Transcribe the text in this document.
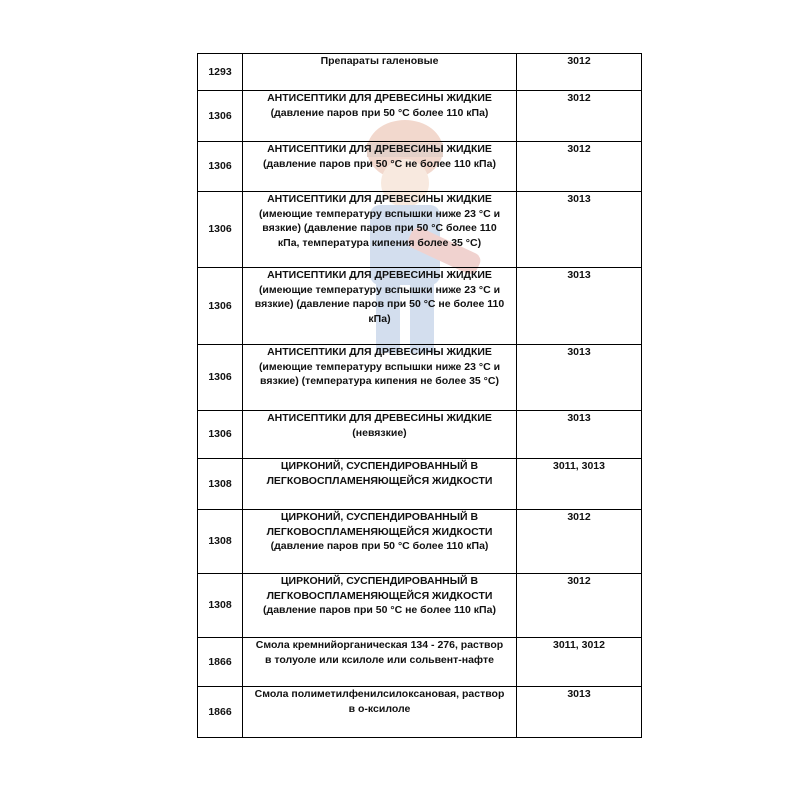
1293	Препараты галеновые	3012
1306	АНТИСЕПТИКИ ДЛЯ ДРЕВЕСИНЫ ЖИДКИЕ
(давление паров при 50 °С более 110 кПа)	3012
1306	АНТИСЕПТИКИ ДЛЯ ДРЕВЕСИНЫ ЖИДКИЕ
(давление паров при 50 °С не более 110 кПа)	3012
1306	АНТИСЕПТИКИ ДЛЯ ДРЕВЕСИНЫ ЖИДКИЕ
(имеющие температуру вспышки ниже 23 °С и
вязкие) (давление паров при 50 °С более 110
кПа, температура кипения более 35 °С)	3013
1306	АНТИСЕПТИКИ ДЛЯ ДРЕВЕСИНЫ ЖИДКИЕ
(имеющие температуру вспышки ниже 23 °С и
вязкие) (давление паров при 50 °С не более 110
кПа)	3013
1306	АНТИСЕПТИКИ ДЛЯ ДРЕВЕСИНЫ ЖИДКИЕ
(имеющие температуру вспышки ниже 23 °С и
вязкие) (температура кипения не более 35 °С)	3013
1306	АНТИСЕПТИКИ ДЛЯ ДРЕВЕСИНЫ ЖИДКИЕ
(невязкие)	3013
1308	ЦИРКОНИЙ, СУСПЕНДИРОВАННЫЙ В
ЛЕГКОВОСПЛАМЕНЯЮЩЕЙСЯ ЖИДКОСТИ	3011, 3013
1308	ЦИРКОНИЙ, СУСПЕНДИРОВАННЫЙ В
ЛЕГКОВОСПЛАМЕНЯЮЩЕЙСЯ ЖИДКОСТИ
(давление паров при 50 °С более 110 кПа)	3012
1308	ЦИРКОНИЙ, СУСПЕНДИРОВАННЫЙ В
ЛЕГКОВОСПЛАМЕНЯЮЩЕЙСЯ ЖИДКОСТИ
(давление паров при 50 °С не более 110 кПа)	3012
1866	Смола кремнийорганическая 134 - 276, раствор
в толуоле или ксилоле или сольвент-нафте	3011, 3012
1866	Смола полиметилфенилсилоксановая, раствор
в о-ксилоле	3013
